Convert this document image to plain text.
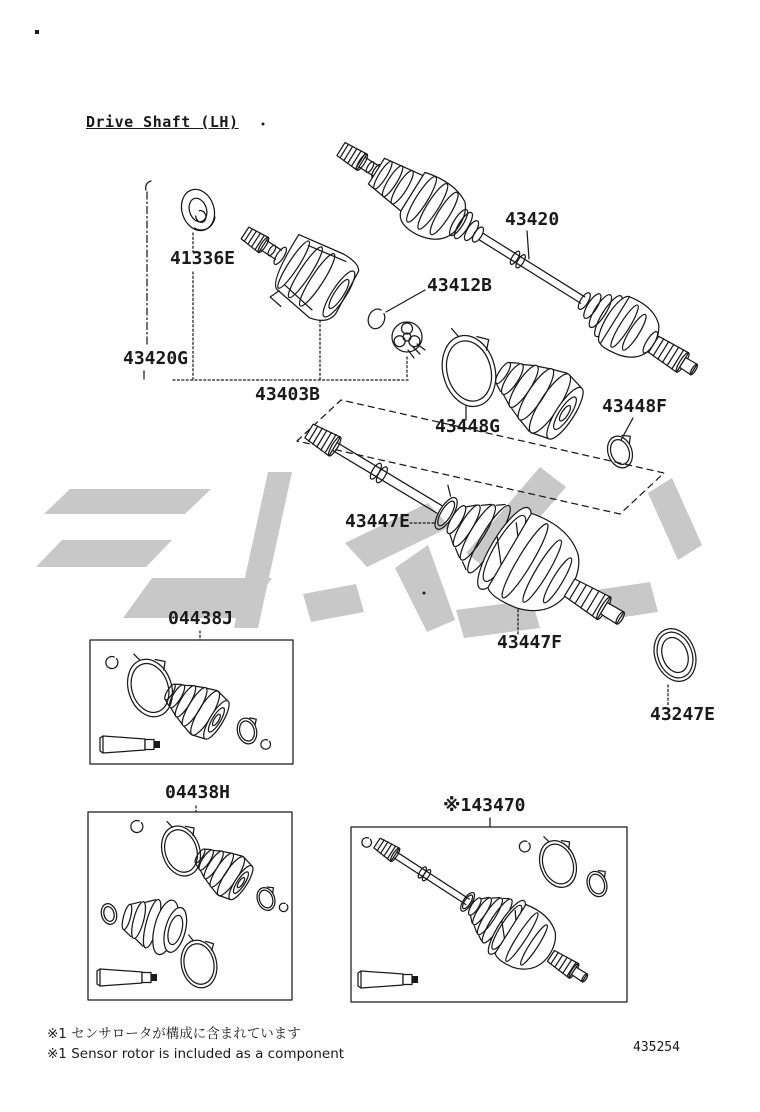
Drive Shaft (LH)
41336E
43420G
43403B
43412B
43420
43448G
43448F
43447E
43447F
43247E
04438J
04438H
※143470
※1 センサロータが構成に含まれています
※1 Sensor rotor is included as a component	435254
